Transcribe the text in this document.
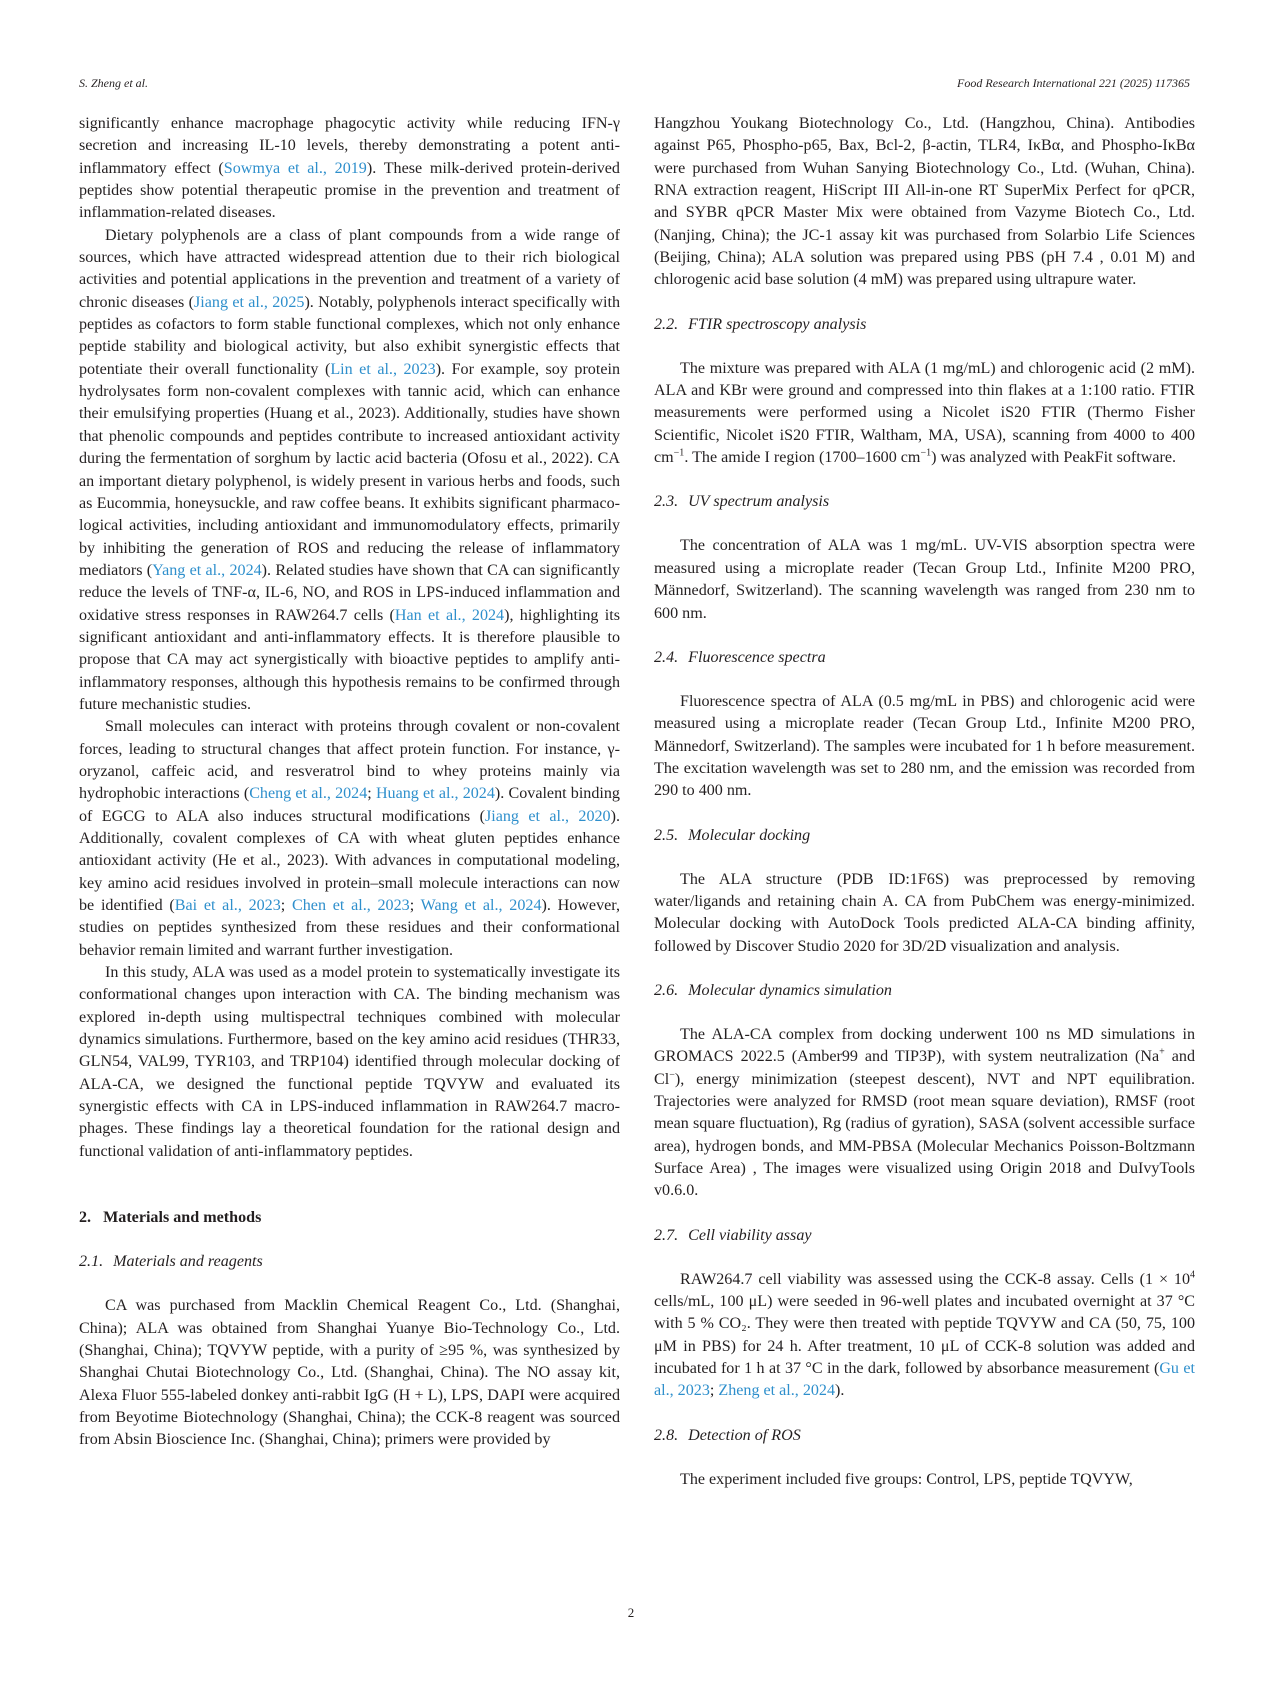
S. Zheng et al.	Food Research International 221 (2025) 117365

significantly enhance macrophage phagocytic activity while reducing IFN-γ secretion and increasing IL-10 levels, thereby demonstrating a potent anti-inflammatory effect (Sowmya et al., 2019). These milk-derived protein-derived peptides show potential therapeutic promise in the prevention and treatment of inflammation-related diseases.

Dietary polyphenols are a class of plant compounds from a wide range of sources, which have attracted widespread attention due to their rich biological activities and potential applications in the prevention and treatment of a variety of chronic diseases (Jiang et al., 2025). Notably, polyphenols interact specifically with peptides as cofactors to form stable functional complexes, which not only enhance peptide stability and biological activity, but also exhibit synergistic effects that potentiate their overall functionality (Lin et al., 2023). For example, soy protein hydrolysates form non-covalent complexes with tannic acid, which can enhance their emulsifying properties (Huang et al., 2023). Additionally, studies have shown that phenolic compounds and peptides contribute to increased antioxidant activity during the fermentation of sorghum by lactic acid bacteria (Ofosu et al., 2022). CA an important dietary polyphenol, is widely present in various herbs and foods, such as Eucommia, honeysuckle, and raw coffee beans. It exhibits significant pharmacological activities, including antioxidant and immunomodulatory effects, primarily by inhibiting the generation of ROS and reducing the release of inflammatory mediators (Yang et al., 2024). Related studies have shown that CA can significantly reduce the levels of TNF-α, IL-6, NO, and ROS in LPS-induced inflammation and oxidative stress responses in RAW264.7 cells (Han et al., 2024), highlighting its significant antioxidant and anti-inflammatory effects. It is therefore plausible to propose that CA may act synergistically with bioactive peptides to amplify anti-inflammatory responses, although this hypothesis remains to be confirmed through future mechanistic studies.

Small molecules can interact with proteins through covalent or non-covalent forces, leading to structural changes that affect protein function. For instance, γ-oryzanol, caffeic acid, and resveratrol bind to whey proteins mainly via hydrophobic interactions (Cheng et al., 2024; Huang et al., 2024). Covalent binding of EGCG to ALA also induces structural modifications (Jiang et al., 2020). Additionally, covalent complexes of CA with wheat gluten peptides enhance antioxidant activity (He et al., 2023). With advances in computational modeling, key amino acid residues involved in protein–small molecule interactions can now be identified (Bai et al., 2023; Chen et al., 2023; Wang et al., 2024). However, studies on peptides synthesized from these residues and their conformational behavior remain limited and warrant further investigation.

In this study, ALA was used as a model protein to systematically investigate its conformational changes upon interaction with CA. The binding mechanism was explored in-depth using multispectral techniques combined with molecular dynamics simulations. Furthermore, based on the key amino acid residues (THR33, GLN54, VAL99, TYR103, and TRP104) identified through molecular docking of ALA-CA, we designed the functional peptide TQVYW and evaluated its synergistic effects with CA in LPS-induced inflammation in RAW264.7 macrophages. These findings lay a theoretical foundation for the rational design and functional validation of anti-inflammatory peptides.

2. Materials and methods
2.1. Materials and reagents

CA was purchased from Macklin Chemical Reagent Co., Ltd. (Shanghai, China); ALA was obtained from Shanghai Yuanye Bio-Technology Co., Ltd. (Shanghai, China); TQVYW peptide, with a purity of ≥95 %, was synthesized by Shanghai Chutai Biotechnology Co., Ltd. (Shanghai, China). The NO assay kit, Alexa Fluor 555-labeled donkey anti-rabbit IgG (H + L), LPS, DAPI were acquired from Beyotime Biotechnology (Shanghai, China); the CCK-8 reagent was sourced from Absin Bioscience Inc. (Shanghai, China); primers were provided by

Hangzhou Youkang Biotechnology Co., Ltd. (Hangzhou, China). Antibodies against P65, Phospho-p65, Bax, Bcl-2, β-actin, TLR4, IκBα, and Phospho-IκBα were purchased from Wuhan Sanying Biotechnology Co., Ltd. (Wuhan, China). RNA extraction reagent, HiScript III All-in-one RT SuperMix Perfect for qPCR, and SYBR qPCR Master Mix were obtained from Vazyme Biotech Co., Ltd. (Nanjing, China); the JC-1 assay kit was purchased from Solarbio Life Sciences (Beijing, China); ALA solution was prepared using PBS (pH 7.4 , 0.01 M) and chlorogenic acid base solution (4 mM) was prepared using ultrapure water.

2.2. FTIR spectroscopy analysis

The mixture was prepared with ALA (1 mg/mL) and chlorogenic acid (2 mM). ALA and KBr were ground and compressed into thin flakes at a 1:100 ratio. FTIR measurements were performed using a Nicolet iS20 FTIR (Thermo Fisher Scientific, Nicolet iS20 FTIR, Waltham, MA, USA), scanning from 4000 to 400 $cm^{-1}$. The amide I region (1700–1600 $cm^{-1}$) was analyzed with PeakFit software.

2.3. UV spectrum analysis

The concentration of ALA was 1 mg/mL. UV-VIS absorption spectra were measured using a microplate reader (Tecan Group Ltd., Infinite M200 PRO, Männedorf, Switzerland). The scanning wavelength was ranged from 230 nm to 600 nm.

2.4. Fluorescence spectra

Fluorescence spectra of ALA (0.5 mg/mL in PBS) and chlorogenic acid were measured using a microplate reader (Tecan Group Ltd., Infinite M200 PRO, Männedorf, Switzerland). The samples were incubated for 1 h before measurement. The excitation wavelength was set to 280 nm, and the emission was recorded from 290 to 400 nm.

2.5. Molecular docking

The ALA structure (PDB ID:1F6S) was preprocessed by removing water/ligands and retaining chain A. CA from PubChem was energy-minimized. Molecular docking with AutoDock Tools predicted ALA-CA binding affinity, followed by Discover Studio 2020 for 3D/2D visualization and analysis.

2.6. Molecular dynamics simulation

The ALA-CA complex from docking underwent 100 ns MD simulations in GROMACS 2022.5 (Amber99 and TIP3P), with system neutralization (Na+ and Cl−), energy minimization (steepest descent), NVT and NPT equilibration. Trajectories were analyzed for RMSD (root mean square deviation), RMSF (root mean square fluctuation), Rg (radius of gyration), SASA (solvent accessible surface area), hydrogen bonds, and MM-PBSA (Molecular Mechanics Poisson-Boltzmann Surface Area) , The images were visualized using Origin 2018 and DuIvyTools v0.6.0.

2.7. Cell viability assay

RAW264.7 cell viability was assessed using the CCK-8 assay. Cells ($1 \times 10^4$ cells/mL, 100 μL) were seeded in 96-well plates and incubated overnight at 37 °C with 5 % CO₂. They were then treated with peptide TQVYW and CA (50, 75, 100 μM in PBS) for 24 h. After treatment, 10 μL of CCK-8 solution was added and incubated for 1 h at 37 °C in the dark, followed by absorbance measurement (Gu et al., 2023; Zheng et al., 2024).

2.8. Detection of ROS

The experiment included five groups: Control, LPS, peptide TQVYW,

2
